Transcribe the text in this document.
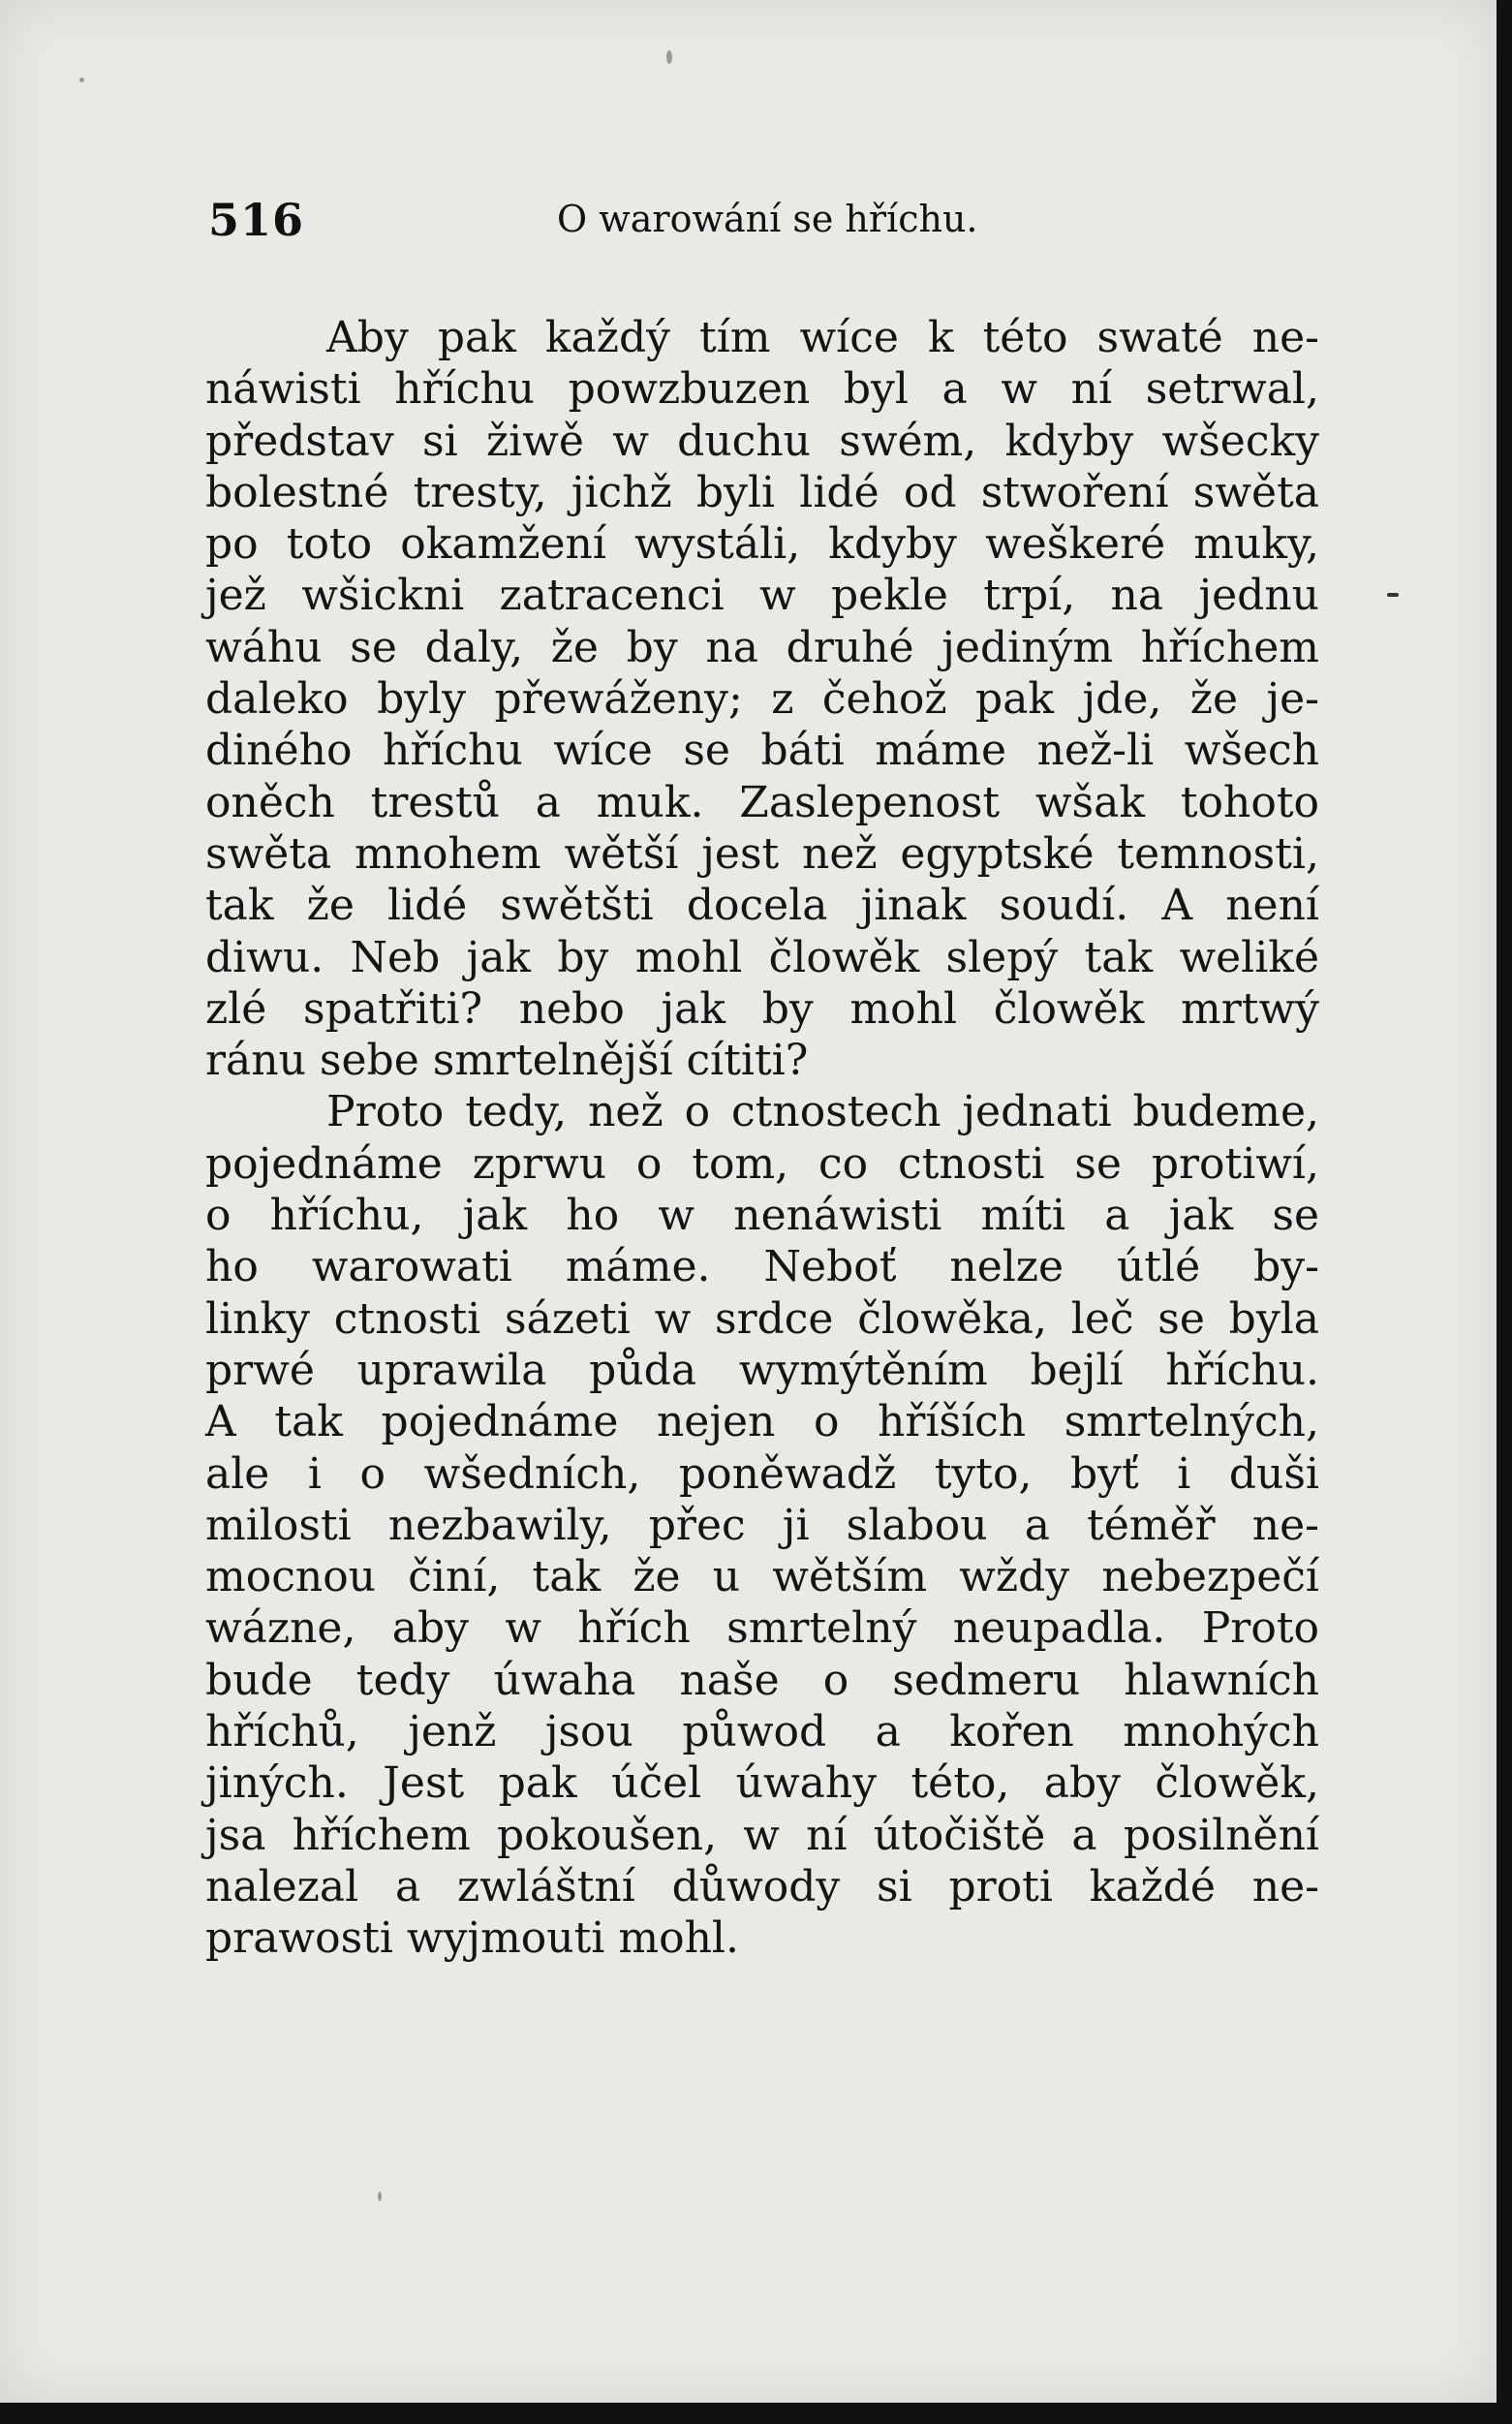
516	O warowání se hříchu.
Aby pak každý tím wíce k této swaté ne-
náwisti hříchu powzbuzen byl a w ní setrwal,
představ si žiwě w duchu swém, kdyby wšecky
bolestné tresty, jichž byli lidé od stwoření swěta
po toto okamžení wystáli, kdyby weškeré muky,
jež wšickni zatracenci w pekle trpí, na jednu
wáhu se daly, že by na druhé jediným hříchem
daleko byly přewáženy; z čehož pak jde, že je-
diného hříchu wíce se báti máme než-li wšech
oněch trestů a muk. Zaslepenost wšak tohoto
swěta mnohem wětší jest než egyptské temnosti,
tak že lidé swětšti docela jinak soudí. A není
diwu. Neb jak by mohl člowěk slepý tak weliké
zlé spatřiti? nebo jak by mohl člowěk mrtwý
ránu sebe smrtelnější cítiti?
Proto tedy, než o ctnostech jednati budeme,
pojednáme zprwu o tom, co ctnosti se protiwí,
o hříchu, jak ho w nenáwisti míti a jak se
ho warowati máme. Neboť nelze útlé by-
linky ctnosti sázeti w srdce člowěka, leč se byla
prwé uprawila půda wymýtěním bejlí hříchu.
A tak pojednáme nejen o hříších smrtelných,
ale i o wšedních, poněwadž tyto, byť i duši
milosti nezbawily, přec ji slabou a téměř ne-
mocnou činí, tak že u wětším wždy nebezpečí
wázne, aby w hřích smrtelný neupadla. Proto
bude tedy úwaha naše o sedmeru hlawních
hříchů, jenž jsou půwod a kořen mnohých
jiných. Jest pak účel úwahy této, aby člowěk,
jsa hříchem pokoušen, w ní útočiště a posilnění
nalezal a zwláštní důwody si proti každé ne-
prawosti wyjmouti mohl.
